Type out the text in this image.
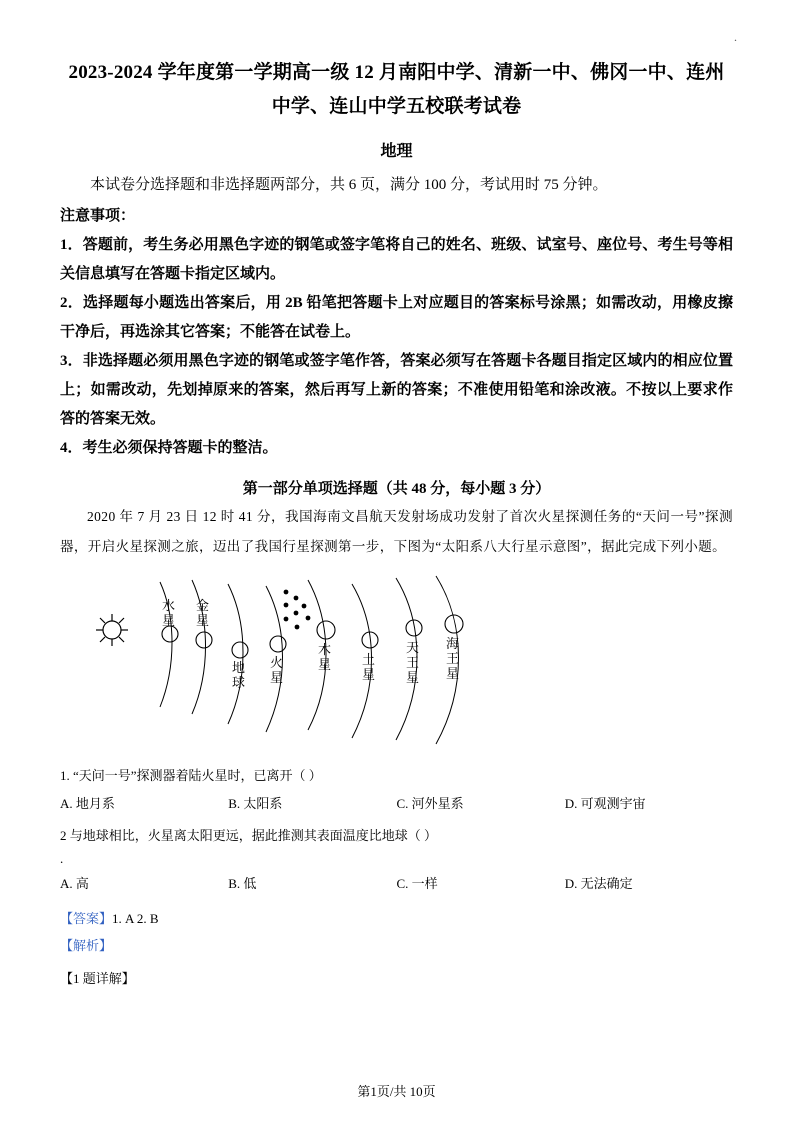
.
2023-2024 学年度第一学期高一级 12 月南阳中学、清新一中、佛冈一中、连州中学、连山中学五校联考试卷
地理
本试卷分选择题和非选择题两部分，共 6 页，满分 100 分，考试用时 75 分钟。
注意事项：
1．答题前，考生务必用黑色字迹的钢笔或签字笔将自己的姓名、班级、试室号、座位号、考生号等相关信息填写在答题卡指定区域内。
2．选择题每小题选出答案后，用 2B 铅笔把答题卡上对应题目的答案标号涂黑；如需改动，用橡皮擦干净后，再选涂其它答案；不能答在试卷上。
3．非选择题必须用黑色字迹的钢笔或签字笔作答，答案必须写在答题卡各题目指定区域内的相应位置上；如需改动，先划掉原来的答案，然后再写上新的答案；不准使用铅笔和涂改液。不按以上要求作答的答案无效。
4．考生必须保持答题卡的整洁。
第一部分单项选择题（共 48 分，每小题 3 分）
2020 年 7 月 23 日 12 时 41 分，我国海南文昌航天发射场成功发射了首次火星探测任务的“天问一号”探测器，开启火星探测之旅，迈出了我国行星探测第一步，下图为“太阳系八大行星示意图”，据此完成下列小题。
水
星
金
星
地
球
火
星
木
星 土
星
天
王
星
海
王
星
1. “天问一号”探测器着陆火星时，已离开（ ）
A. 地月系	B. 太阳系	C. 河外星系	D. 可观测宇宙
2 与地球相比，火星离太阳更远，据此推测其表面温度比地球（ ）
.
A. 高	B. 低	C. 一样	D. 无法确定
【答案】1. A 2. B
【解析】
【1 题详解】
第1页/共 10页
